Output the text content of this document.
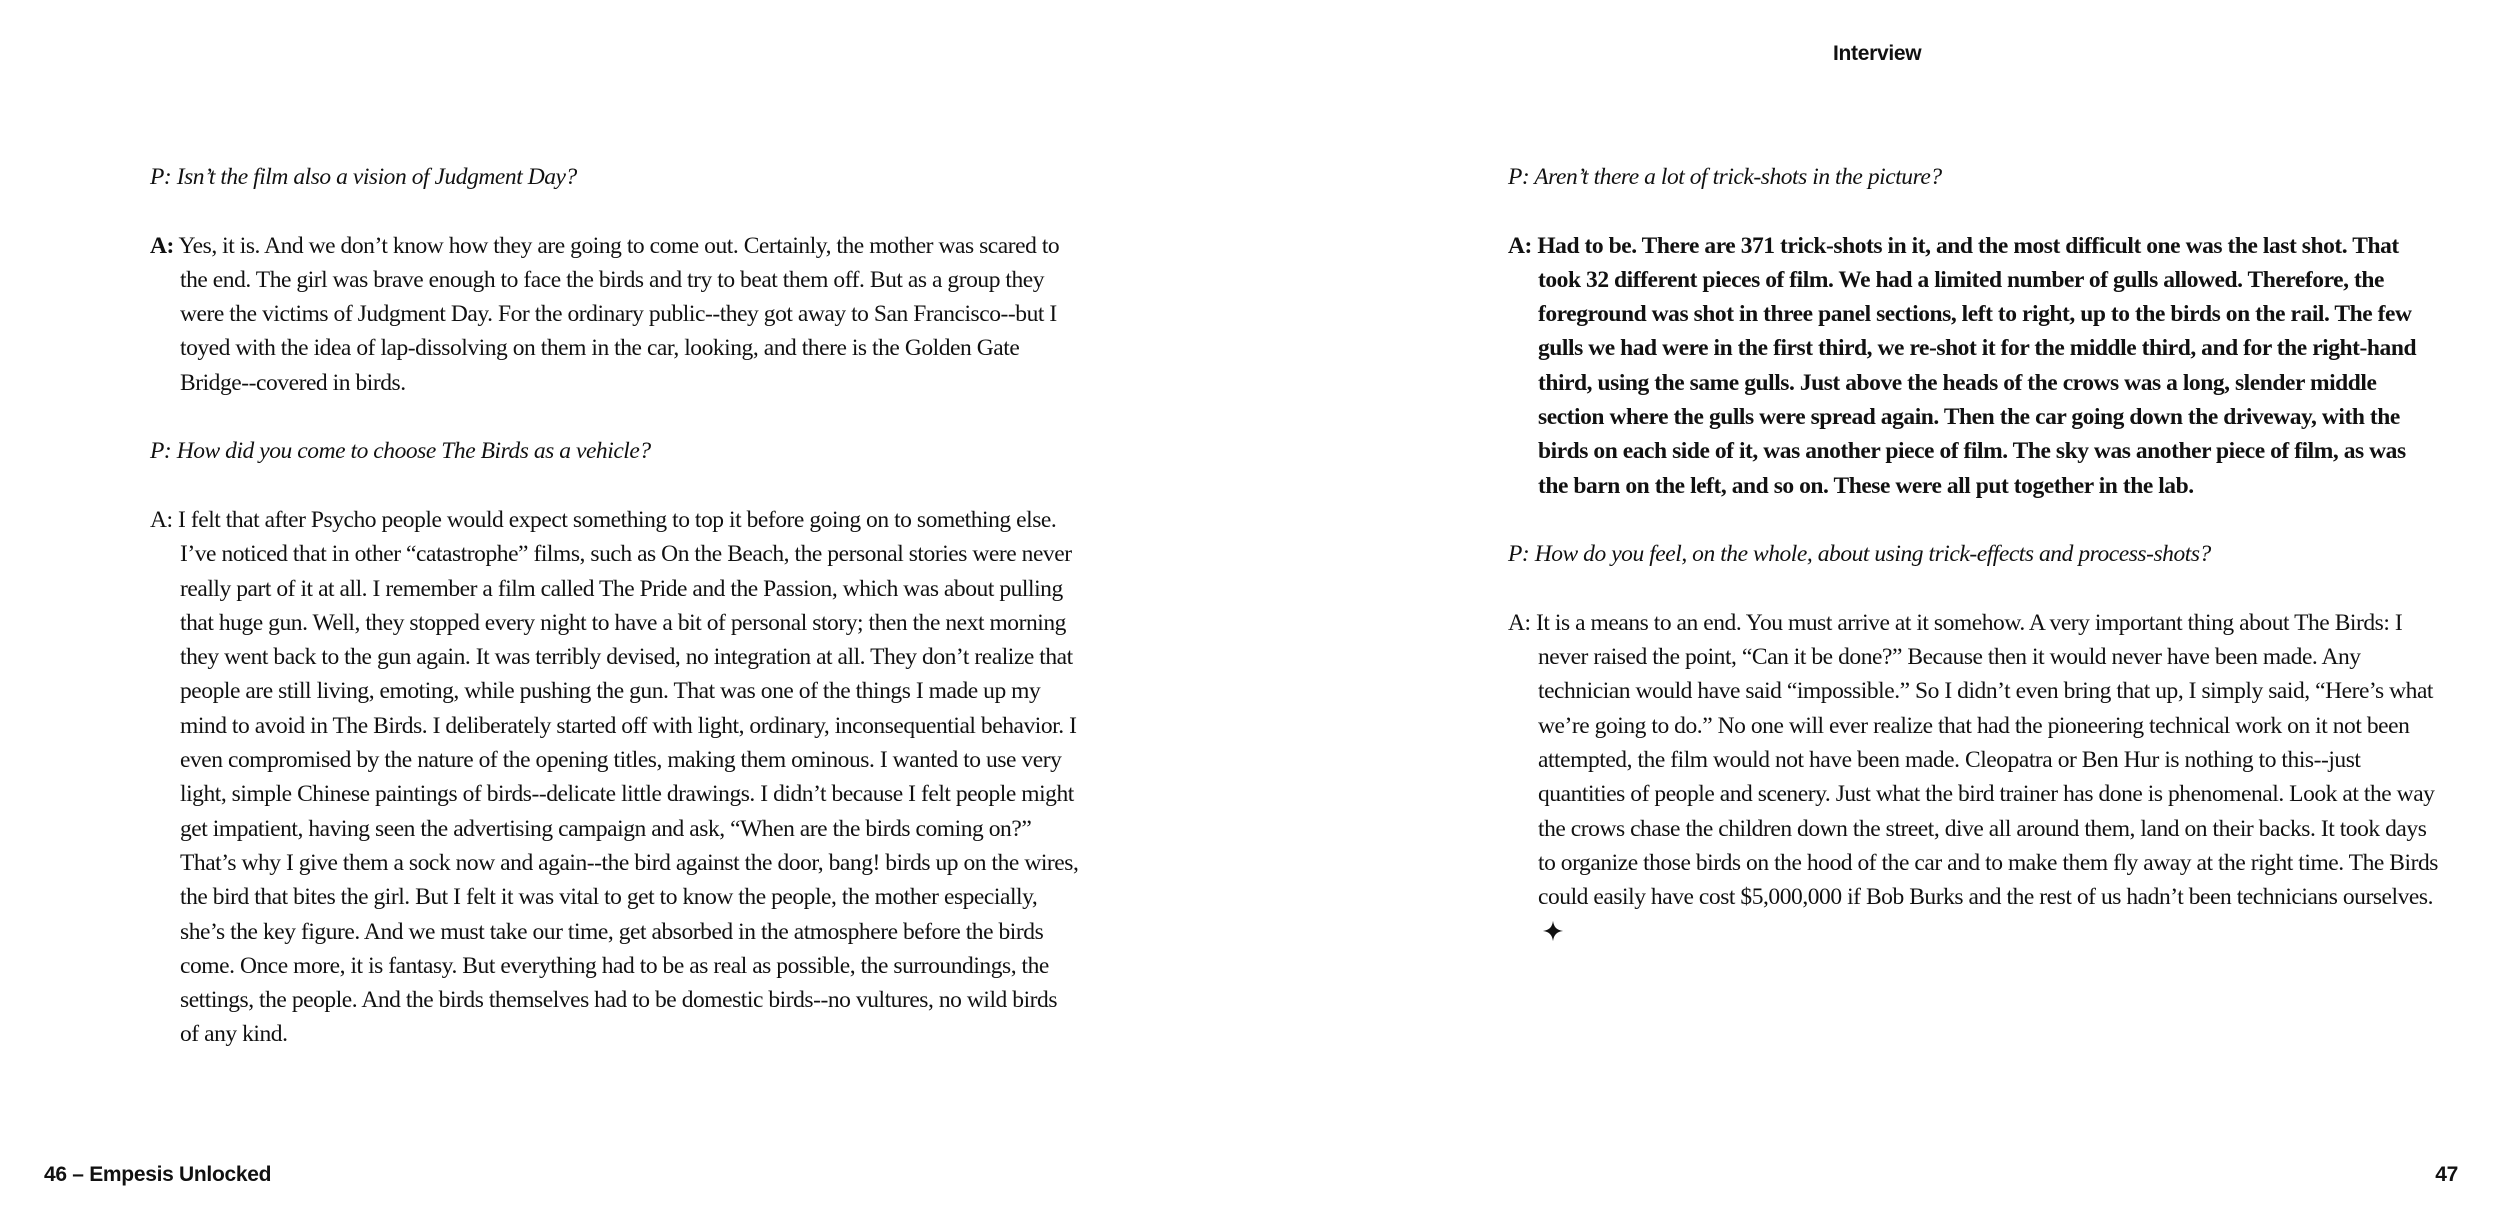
P: Isn’t the film also a vision of Judgment Day?

A: Yes, it is. And we don’t know how they are going to come out. Certainly, the mother was scared to the end. The girl was brave enough to face the birds and try to beat them off. But as a group they were the victims of Judgment Day. For the ordinary public--they got away to San Francisco--but I toyed with the idea of lap-dissolving on them in the car, looking, and there is the Golden Gate Bridge--covered in birds.

P: How did you come to choose The Birds as a vehicle?

A: I felt that after Psycho people would expect something to top it before going on to something else. I’ve noticed that in other “catastrophe” films, such as On the Beach, the personal stories were never really part of it at all. I remember a film called The Pride and the Passion, which was about pulling that huge gun. Well, they stopped every night to have a bit of personal story; then the next morning they went back to the gun again. It was terribly devised, no integration at all. They don’t realize that people are still living, emoting, while pushing the gun. That was one of the things I made up my mind to avoid in The Birds. I deliberately started off with light, ordinary, inconsequential behavior. I even compromised by the nature of the opening titles, making them ominous. I wanted to use very light, simple Chinese paintings of birds--delicate little drawings. I didn’t because I felt people might get impatient, having seen the advertising campaign and ask, “When are the birds coming on?” That’s why I give them a sock now and again--the bird against the door, bang! birds up on the wires, the bird that bites the girl. But I felt it was vital to get to know the people, the mother especially, she’s the key figure. And we must take our time, get absorbed in the atmosphere before the birds come. Once more, it is fantasy. But everything had to be as real as possible, the surroundings, the settings, the people. And the birds themselves had to be domestic birds--no vultures, no wild birds of any kind.

46 – Empesis Unlocked
Interview

P: Aren’t there a lot of trick-shots in the picture?

A: Had to be. There are 371 trick-shots in it, and the most difficult one was the last shot. That took 32 different pieces of film. We had a limited number of gulls allowed. Therefore, the foreground was shot in three panel sections, left to right, up to the birds on the rail. The few gulls we had were in the first third, we re-shot it for the middle third, and for the right-hand third, using the same gulls. Just above the heads of the crows was a long, slender middle section where the gulls were spread again. Then the car going down the driveway, with the birds on each side of it, was another piece of film. The sky was another piece of film, as was the barn on the left, and so on. These were all put together in the lab.

P: How do you feel, on the whole, about using trick-effects and process-shots?

A: It is a means to an end. You must arrive at it somehow. A very important thing about The Birds: I never raised the point, “Can it be done?” Because then it would never have been made. Any technician would have said “impossible.” So I didn’t even bring that up, I simply said, “Here’s what we’re going to do.” No one will ever realize that had the pioneering technical work on it not been attempted, the film would not have been made. Cleopatra or Ben Hur is nothing to this--just quantities of people and scenery. Just what the bird trainer has done is phenomenal. Look at the way the crows chase the children down the street, dive all around them, land on their backs. It took days to organize those birds on the hood of the car and to make them fly away at the right time. The Birds could easily have cost $5,000,000 if Bob Burks and the rest of us hadn’t been technicians ourselves.

47
